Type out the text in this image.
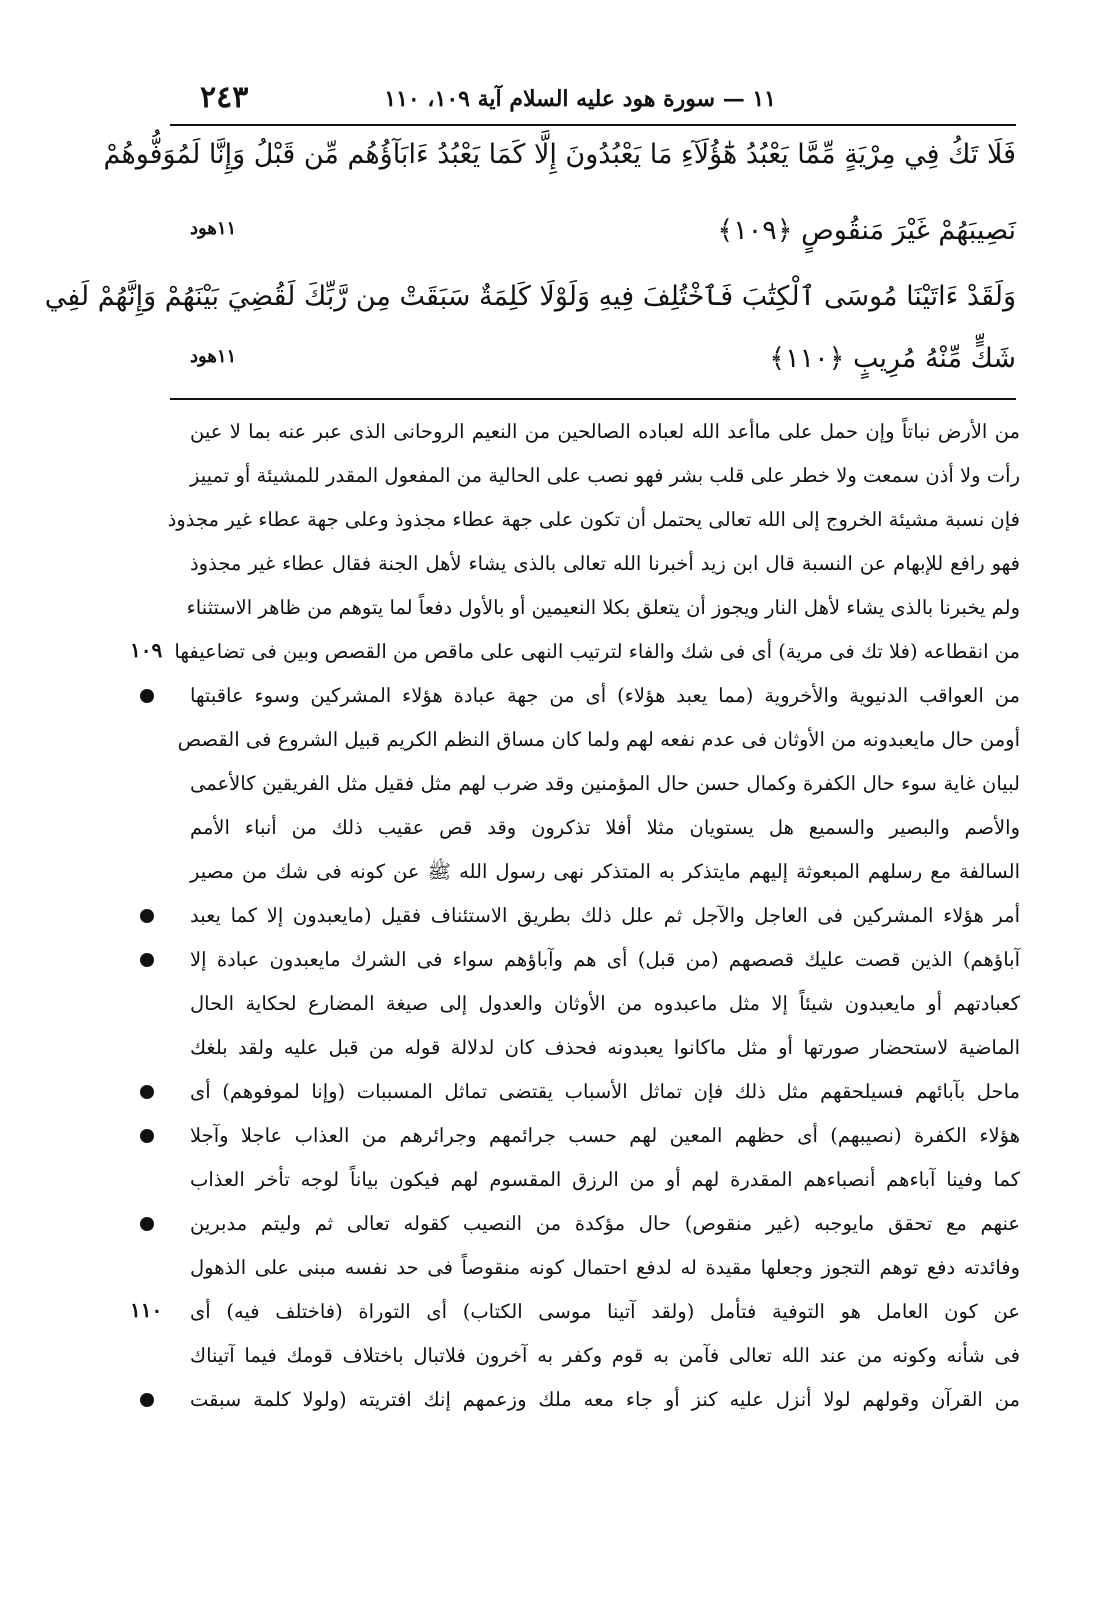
٢٤٣	١١ — سورة هود عليه السلام آية ١٠٩، ١١٠
فَلَا تَكُ فِي مِرْيَةٍ مِّمَّا يَعْبُدُ هَٰٓؤُلَآءِ مَا يَعْبُدُونَ إِلَّا كَمَا يَعْبُدُ ءَابَآؤُهُم مِّن قَبْلُ وَإِنَّا لَمُوَفُّوهُمْ
نَصِيبَهُمْ غَيْرَ مَنقُوصٍ ﴿١٠٩﴾
١١هود
وَلَقَدْ ءَاتَيْنَا مُوسَى ٱلْكِتَٰبَ فَٱخْتُلِفَ فِيهِ وَلَوْلَا كَلِمَةٌ سَبَقَتْ مِن رَّبِّكَ لَقُضِيَ بَيْنَهُمْ وَإِنَّهُمْ لَفِي
شَكٍّ مِّنْهُ مُرِيبٍ ﴿١١٠﴾
١١هود
من الأرض نباتاً وإن حمل على ماأعد الله لعباده الصالحين من النعيم الروحانى الذى عبر عنه بما لا عين
رأت ولا أذن سمعت ولا خطر على قلب بشر فهو نصب على الحالية من المفعول المقدر للمشيئة أو تمييز
فإن نسبة مشيئة الخروج إلى الله تعالى يحتمل أن تكون على جهة عطاء مجذوذ وعلى جهة عطاء غير مجذوذ
فهو رافع للإبهام عن النسبة قال ابن زيد أخبرنا الله تعالى بالذى يشاء لأهل الجنة فقال عطاء غير مجذوذ
ولم يخبرنا بالذى يشاء لأهل النار ويجوز أن يتعلق بكلا النعيمين أو بالأول دفعاً لما يتوهم من ظاهر الاستثناء
من انقطاعه (فلا تك فى مرية) أى فى شك والفاء لترتيب النهى على ماقص من القصص وبين فى تضاعيفها
١٠٩
من العواقب الدنيوية والأخروية (مما يعبد هؤلاء) أى من جهة عبادة هؤلاء المشركين وسوء عاقبتها
أومن حال مايعبدونه من الأوثان فى عدم نفعه لهم ولما كان مساق النظم الكريم قبيل الشروع فى القصص
لبيان غاية سوء حال الكفرة وكمال حسن حال المؤمنين وقد ضرب لهم مثل فقيل مثل الفريقين كالأعمى
والأصم والبصير والسميع هل يستويان مثلا أفلا تذكرون وقد قص عقيب ذلك من أنباء الأمم
السالفة مع رسلهم المبعوثة إليهم مايتذكر به المتذكر نهى رسول الله ﷺ عن كونه فى شك من مصير
أمر هؤلاء المشركين فى العاجل والآجل ثم علل ذلك بطريق الاستئناف فقيل (مايعبدون إلا كما يعبد
آباؤهم) الذين قصت عليك قصصهم (من قبل) أى هم وآباؤهم سواء فى الشرك مايعبدون عبادة إلا
كعبادتهم أو مايعبدون شيئاً إلا مثل ماعبدوه من الأوثان والعدول إلى صيغة المضارع لحكاية الحال
الماضية لاستحضار صورتها أو مثل ماكانوا يعبدونه فحذف كان لدلالة قوله من قبل عليه ولقد بلغك
ماحل بآبائهم فسيلحقهم مثل ذلك فإن تماثل الأسباب يقتضى تماثل المسببات (وإنا لموفوهم) أى
هؤلاء الكفرة (نصيبهم) أى حظهم المعين لهم حسب جرائمهم وجرائرهم من العذاب عاجلا وآجلا
كما وفينا آباءهم أنصباءهم المقدرة لهم أو من الرزق المقسوم لهم فيكون بياناً لوجه تأخر العذاب
عنهم مع تحقق مايوجبه (غير منقوص) حال مؤكدة من النصيب كقوله تعالى ثم وليتم مدبرين
وفائدته دفع توهم التجوز وجعلها مقيدة له لدفع احتمال كونه منقوصاً فى حد نفسه مبنى على الذهول
عن كون العامل هو التوفية فتأمل (ولقد آتينا موسى الكتاب) أى التوراة (فاختلف فيه) أى
١١٠
فى شأنه وكونه من عند الله تعالى فآمن به قوم وكفر به آخرون فلاتبال باختلاف قومك فيما آتيناك
من القرآن وقولهم لولا أنزل عليه كنز أو جاء معه ملك وزعمهم إنك افتريته (ولولا كلمة سبقت
